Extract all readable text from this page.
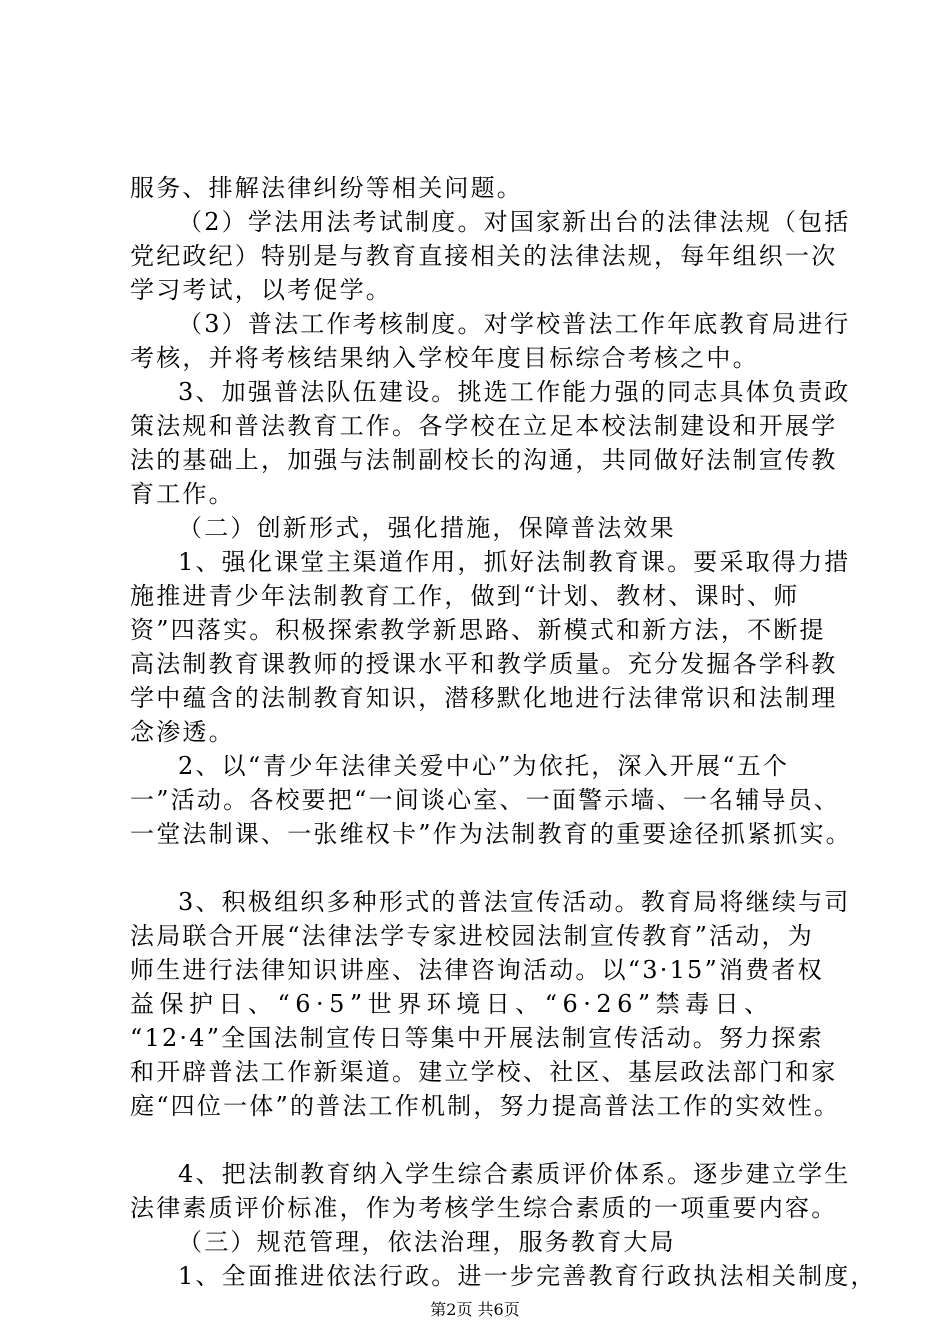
服务、排解法律纠纷等相关问题。
（2）学法用法考试制度。对国家新出台的法律法规（包括
党纪政纪）特别是与教育直接相关的法律法规，每年组织一次
学习考试，以考促学。
（3）普法工作考核制度。对学校普法工作年底教育局进行
考核，并将考核结果纳入学校年度目标综合考核之中。
3、加强普法队伍建设。挑选工作能力强的同志具体负责政
策法规和普法教育工作。各学校在立足本校法制建设和开展学
法的基础上，加强与法制副校长的沟通，共同做好法制宣传教
育工作。
（二）创新形式，强化措施，保障普法效果
1、强化课堂主渠道作用，抓好法制教育课。要采取得力措
施推进青少年法制教育工作，做到“计划、教材、课时、师
资”四落实。积极探索教学新思路、新模式和新方法，不断提
高法制教育课教师的授课水平和教学质量。充分发掘各学科教
学中蕴含的法制教育知识，潜移默化地进行法律常识和法制理
念渗透。
2、以“青少年法律关爱中心”为依托，深入开展“五个
一”活动。各校要把“一间谈心室、一面警示墙、一名辅导员、
一堂法制课、一张维权卡”作为法制教育的重要途径抓紧抓实。
3、积极组织多种形式的普法宣传活动。教育局将继续与司
法局联合开展“法律法学专家进校园法制宣传教育”活动，为
师生进行法律知识讲座、法律咨询活动。以“3·15”消费者权
益保护日、“6·5”世界环境日、“6·26”禁毒日、
“12·4”全国法制宣传日等集中开展法制宣传活动。努力探索
和开辟普法工作新渠道。建立学校、社区、基层政法部门和家
庭“四位一体”的普法工作机制，努力提高普法工作的实效性。
4、把法制教育纳入学生综合素质评价体系。逐步建立学生
法律素质评价标准，作为考核学生综合素质的一项重要内容。
（三）规范管理，依法治理，服务教育大局
1、全面推进依法行政。进一步完善教育行政执法相关制度，
第2页 共6页
